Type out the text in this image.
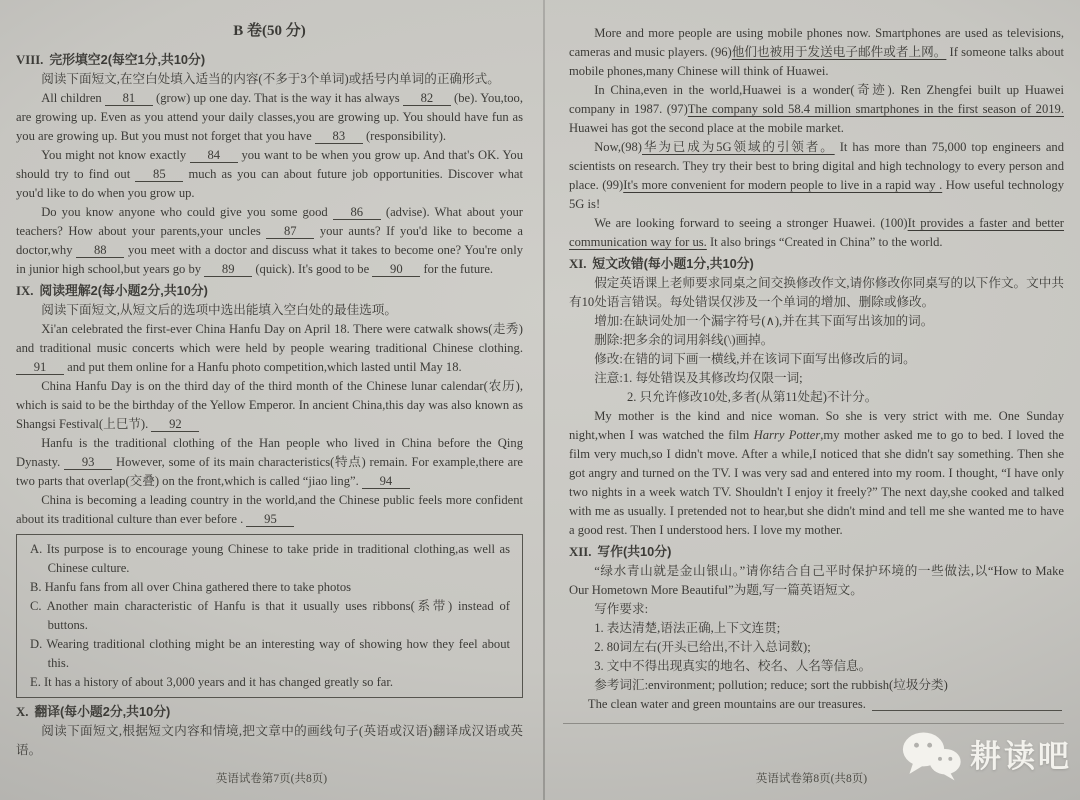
B 卷(50 分)
VIII. 完形填空2(每空1分,共10分)

阅读下面短文,在空白处填入适当的内容(不多于3个单词)或括号内单词的正确形式。

All children 81 (grow) up one day. That is the way it has always 82 (be). You,too, are growing up. Even as you attend your daily classes,you are growing up. You should have fun as you are growing up. But you must not forget that you have 83 (responsibility).

You might not know exactly 84 you want to be when you grow up. And that's OK. You should try to find out 85 much as you can about future job opportunities. Discover what you'd like to do when you grow up.

Do you know anyone who could give you some good 86 (advise). What about your teachers? How about your parents,your uncles 87 your aunts? If you'd like to become a doctor,why 88 you meet with a doctor and discuss what it takes to become one? You're only in junior high school,but years go by 89 (quick). It's good to be 90 for the future.

IX. 阅读理解2(每小题2分,共10分)

阅读下面短文,从短文后的选项中选出能填入空白处的最佳选项。

Xi'an celebrated the first-ever China Hanfu Day on April 18. There were catwalk shows(走秀) and traditional music concerts which were held by people wearing traditional Chinese clothing. 91 and put them online for a Hanfu photo competition,which lasted until May 18.

China Hanfu Day is on the third day of the third month of the Chinese lunar calendar(农历), which is said to be the birthday of the Yellow Emperor. In ancient China,this day was also known as Shangsi Festival(上巳节). 92

Hanfu is the traditional clothing of the Han people who lived in China before the Qing Dynasty. 93 However, some of its main characteristics(特点) remain. For example,there are two parts that overlap(交叠) on the front,which is called “jiao ling”. 94

China is becoming a leading country in the world,and the Chinese public feels more confident about its traditional culture than ever before . 95

A. Its purpose is to encourage young Chinese to take pride in traditional clothing,as well as Chinese culture.

B. Hanfu fans from all over China gathered there to take photos

C. Another main characteristic of Hanfu is that it usually uses ribbons(系带) instead of buttons.

D. Wearing traditional clothing might be an interesting way of showing how they feel about this.

E. It has a history of about 3,000 years and it has changed greatly so far.

X. 翻译(每小题2分,共10分)

阅读下面短文,根据短文内容和情境,把文章中的画线句子(英语或汉语)翻译成汉语或英语。

英语试卷第7页(共8页)

More and more people are using mobile phones now. Smartphones are used as televisions, cameras and music players. (96)他们也被用于发送电子邮件或者上网。 If someone talks about mobile phones,many Chinese will think of Huawei.

In China,even in the world,Huawei is a wonder(奇迹). Ren Zhengfei built up Huawei company in 1987. (97)The company sold 58.4 million smartphones in the first season of 2019. Huawei has got the second place at the mobile market.

Now,(98)华为已成为5G领域的引领者。 It has more than 75,000 top engineers and scientists on research. They try their best to bring digital and high technology to every person and place. (99)It's more convenient for modern people to live in a rapid way . How useful technology 5G is!

We are looking forward to seeing a stronger Huawei. (100)It provides a faster and better communication way for us. It also brings “Created in China” to the world.

XI. 短文改错(每小题1分,共10分)

假定英语课上老师要求同桌之间交换修改作文,请你修改你同桌写的以下作文。文中共有10处语言错误。每处错误仅涉及一个单词的增加、删除或修改。

增加:在缺词处加一个漏字符号(∧),并在其下面写出该加的词。

删除:把多余的词用斜线(\)画掉。

修改:在错的词下画一横线,并在该词下面写出修改后的词。

注意:1. 每处错误及其修改均仅限一词;

2. 只允许修改10处,多者(从第11处起)不计分。

My mother is the kind and nice woman. So she is very strict with me. One Sunday night,when I was watched the film Harry Potter,my mother asked me to go to bed. I loved the film very much,so I didn't move. After a while,I noticed that she didn't say something. Then she got angry and turned on the TV. I was very sad and entered into my room. I thought, “I have only two nights in a week watch TV. Shouldn't I enjoy it freely?” The next day,she cooked and talked with me as usually. I pretended not to hear,but she didn't mind and tell me she wanted me to have a good rest. Then I understood hers. I love my mother.

XII. 写作(共10分)

“绿水青山就是金山银山。”请你结合自己平时保护环境的一些做法,以“How to Make Our Hometown More Beautiful”为题,写一篇英语短文。

写作要求:

1. 表达清楚,语法正确,上下文连贯;

2. 80词左右(开头已给出,不计入总词数);

3. 文中不得出现真实的地名、校名、人名等信息。

参考词汇:environment; pollution; reduce; sort the rubbish(垃圾分类)

The clean water and green mountains are our treasures.
耕读吧
英语试卷第8页(共8页)
